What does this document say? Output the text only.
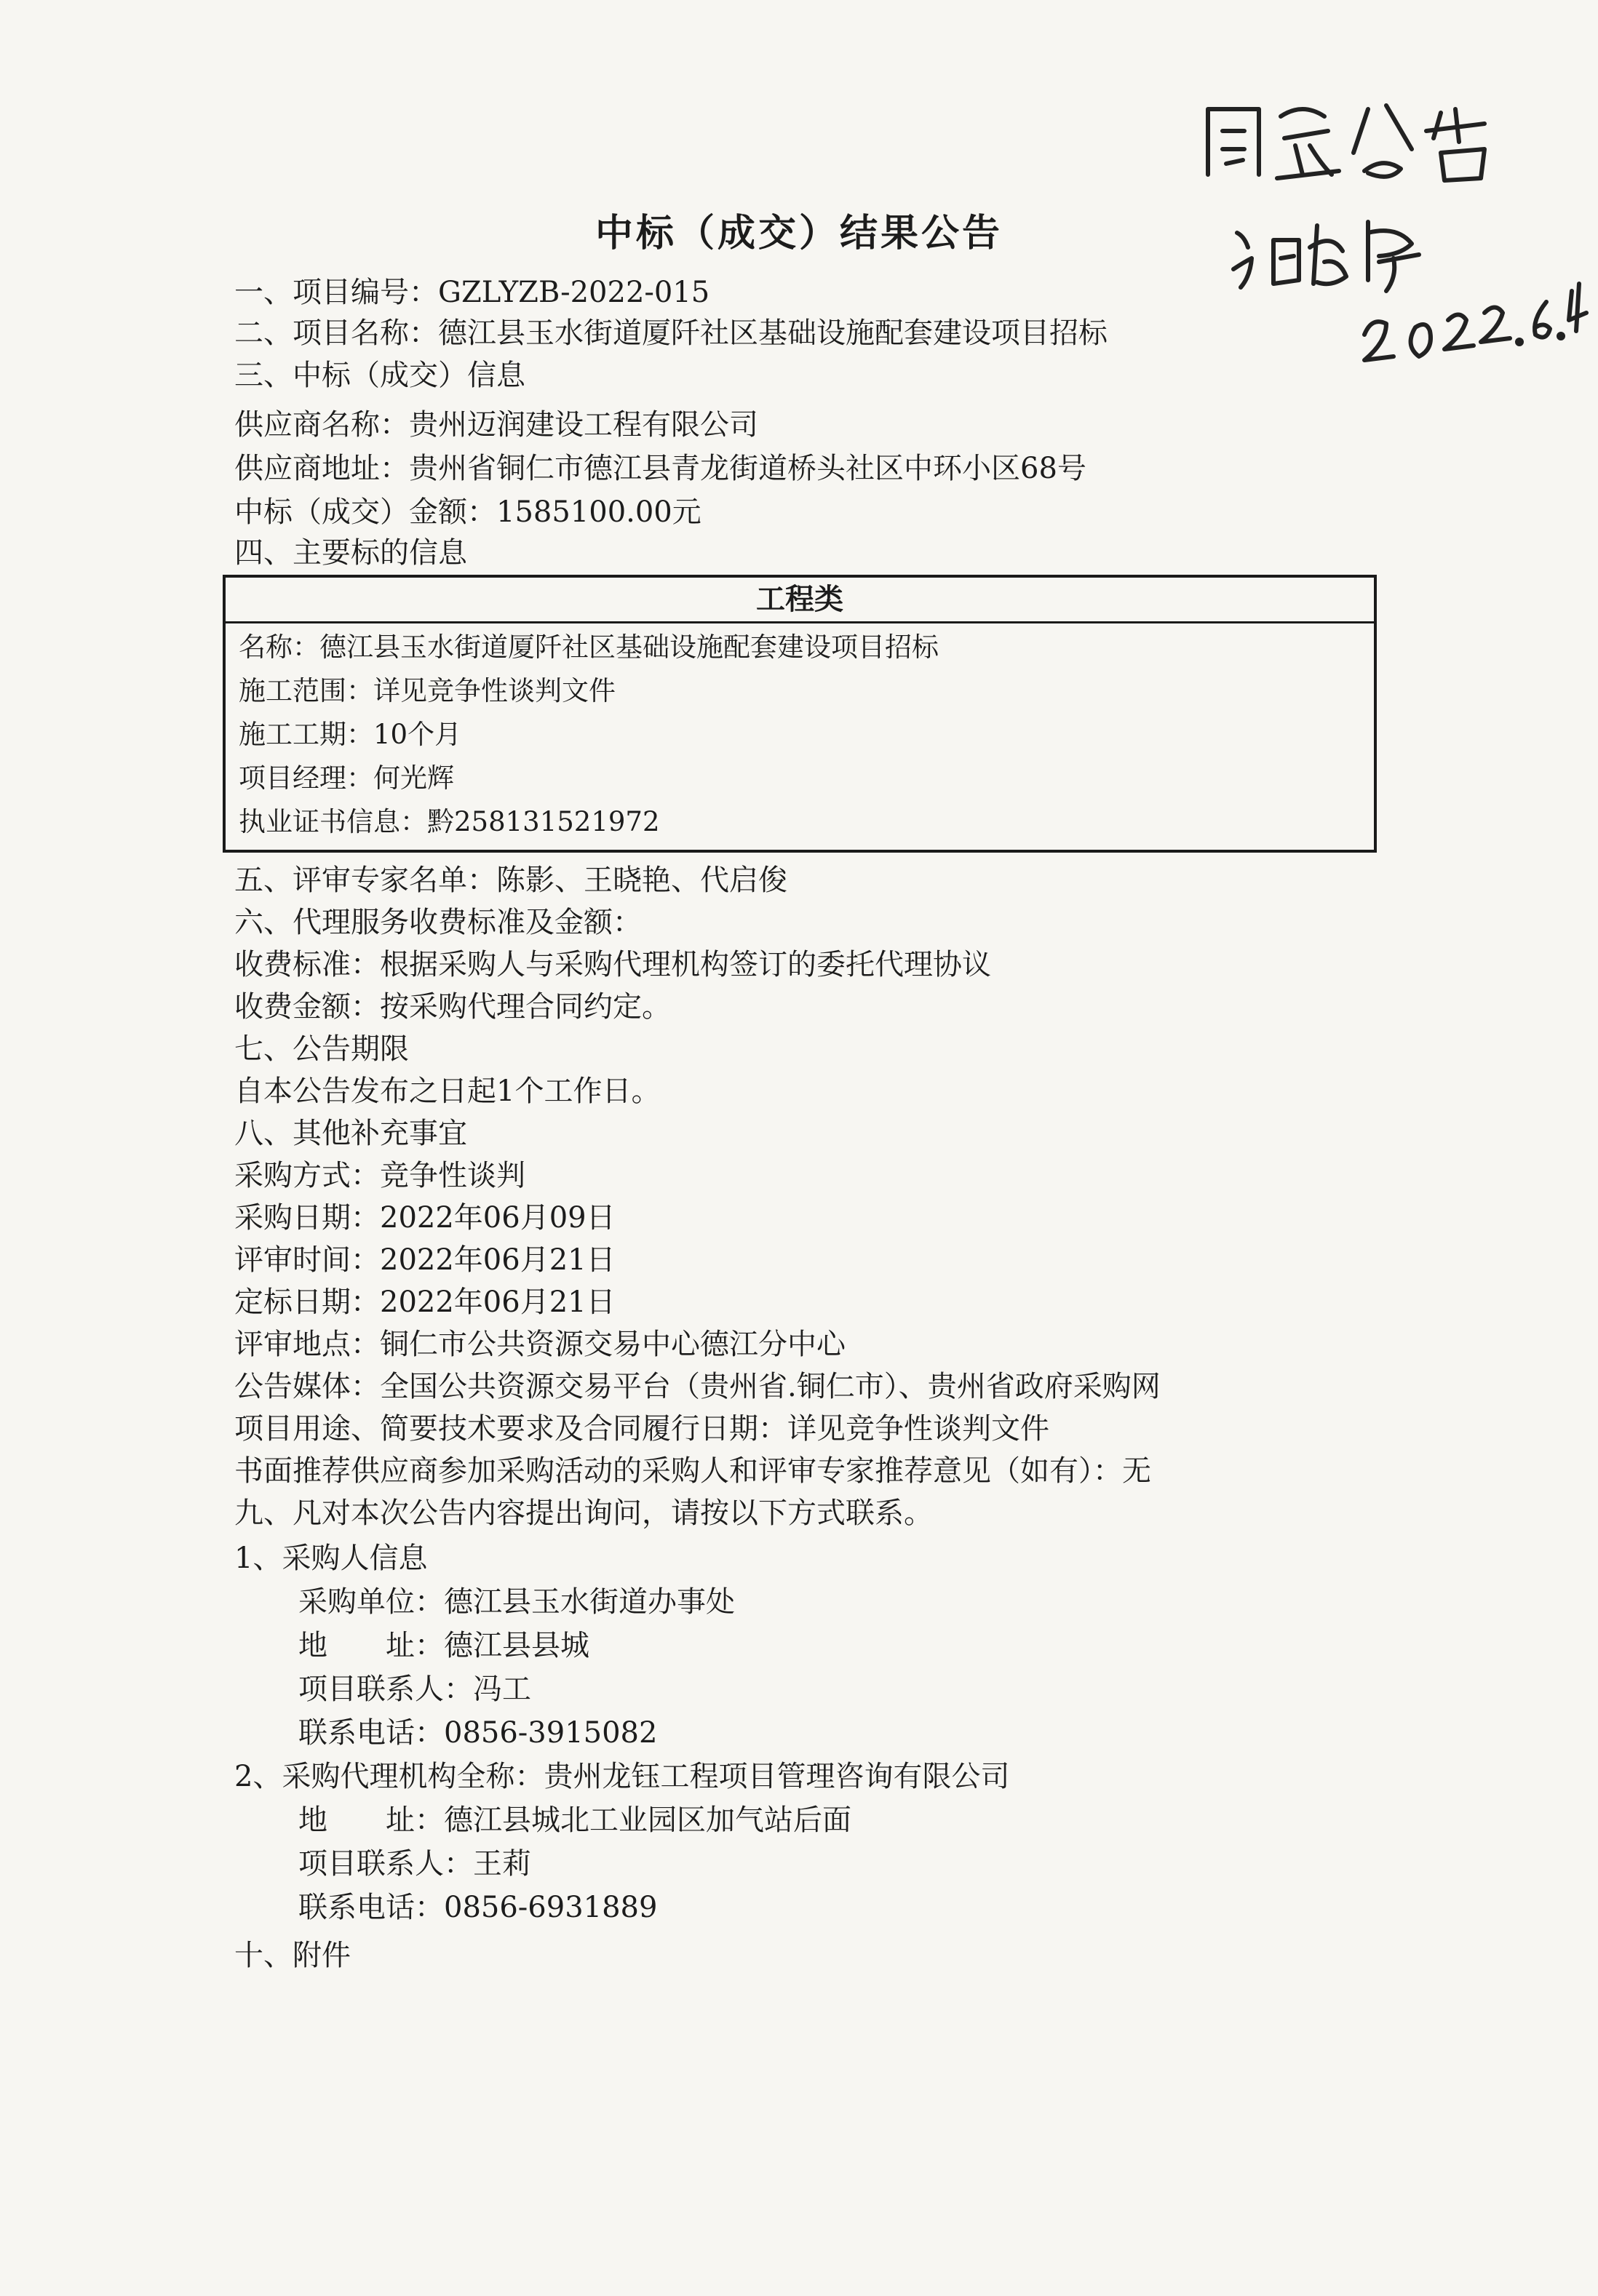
中标（成交）结果公告
一、项目编号：GZLYZB-2022-015
二、项目名称：德江县玉水街道厦阡社区基础设施配套建设项目招标
三、中标（成交）信息
供应商名称：贵州迈润建设工程有限公司
供应商地址：贵州省铜仁市德江县青龙街道桥头社区中环小区68号
中标（成交）金额：1585100.00元
四、主要标的信息
工程类
名称：德江县玉水街道厦阡社区基础设施配套建设项目招标
施工范围：详见竞争性谈判文件
施工工期：10个月
项目经理：何光辉
执业证书信息：黔258131521972
五、评审专家名单：陈影、王晓艳、代启俊
六、代理服务收费标准及金额：
收费标准：根据采购人与采购代理机构签订的委托代理协议
收费金额：按采购代理合同约定。
七、公告期限
自本公告发布之日起1个工作日。
八、其他补充事宜
采购方式：竞争性谈判
采购日期：2022年06月09日
评审时间：2022年06月21日
定标日期：2022年06月21日
评审地点：铜仁市公共资源交易中心德江分中心
公告媒体：全国公共资源交易平台（贵州省.铜仁市）、贵州省政府采购网
项目用途、简要技术要求及合同履行日期：详见竞争性谈判文件
书面推荐供应商参加采购活动的采购人和评审专家推荐意见（如有）：无
九、凡对本次公告内容提出询问，请按以下方式联系。
1、采购人信息
采购单位：德江县玉水街道办事处
地　　址：德江县县城
项目联系人：冯工
联系电话：0856-3915082
2、采购代理机构全称：贵州龙钰工程项目管理咨询有限公司
地　　址：德江县城北工业园区加气站后面
项目联系人：王莉
联系电话：0856-6931889
十、附件
